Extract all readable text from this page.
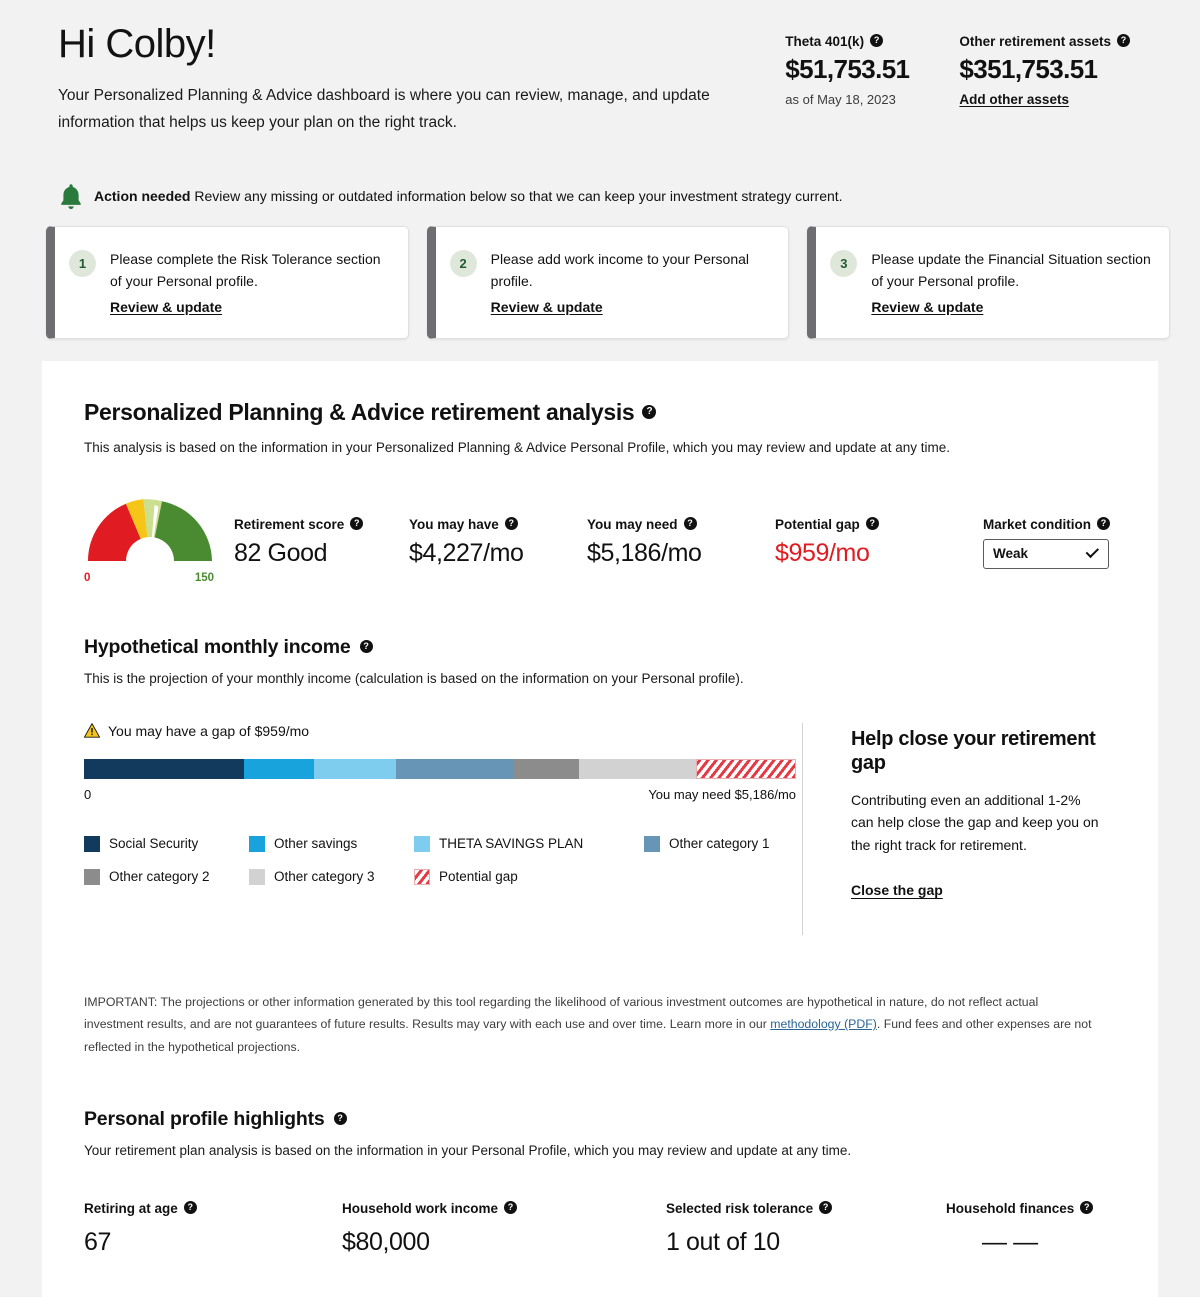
Hi Colby!

Your Personalized Planning & Advice dashboard is where you can review, manage, and update information that helps us keep your plan on the right track.

Theta 401(k)
?
$51,753.51
as of May 18, 2023
Other retirement assets
?
$351,753.51
Add other assets
Action needed Review any missing or outdated information below so that we can keep your investment strategy current.
1	Please complete the Risk Tolerance section of your Personal profile.
Review & update
2	Please add work income to your Personal profile.
Review & update
3	Please update the Financial Situation section of your Personal profile.
Review & update
Personalized Planning & Advice retirement analysis
?

This analysis is based on the information in your Personalized Planning & Advice Personal Profile, which you may review and update at any time.

0	150
Retirement score
?
82 Good
You may have
?
$4,227/mo
You may need
?
$5,186/mo
Potential gap
?
$959/mo
Market condition
?
Weak
Hypothetical monthly income
?

This is the projection of your monthly income (calculation is based on the information on your Personal profile).

You may have a gap of $959/mo
0	You may need $5,186/mo
Social Security	Other savings	THETA SAVINGS PLAN	Other category 1
Other category 2	Other category 3	Potential gap
Help close your retirement gap

Contributing even an additional 1-2% can help close the gap and keep you on the right track for retirement.

Close the gap

IMPORTANT: The projections or other information generated by this tool regarding the likelihood of various investment outcomes are hypothetical in nature, do not reflect actual investment results, and are not guarantees of future results. Results may vary with each use and over time. Learn more in our methodology (PDF). Fund fees and other expenses are not reflected in the hypothetical projections.

Personal profile highlights
?

Your retirement plan analysis is based on the information in your Personal Profile, which you may review and update at any time.

Retiring at age
?
67
Household work income
?
$80,000
Selected risk tolerance
?
1 out of 10
Household finances
?
— —
